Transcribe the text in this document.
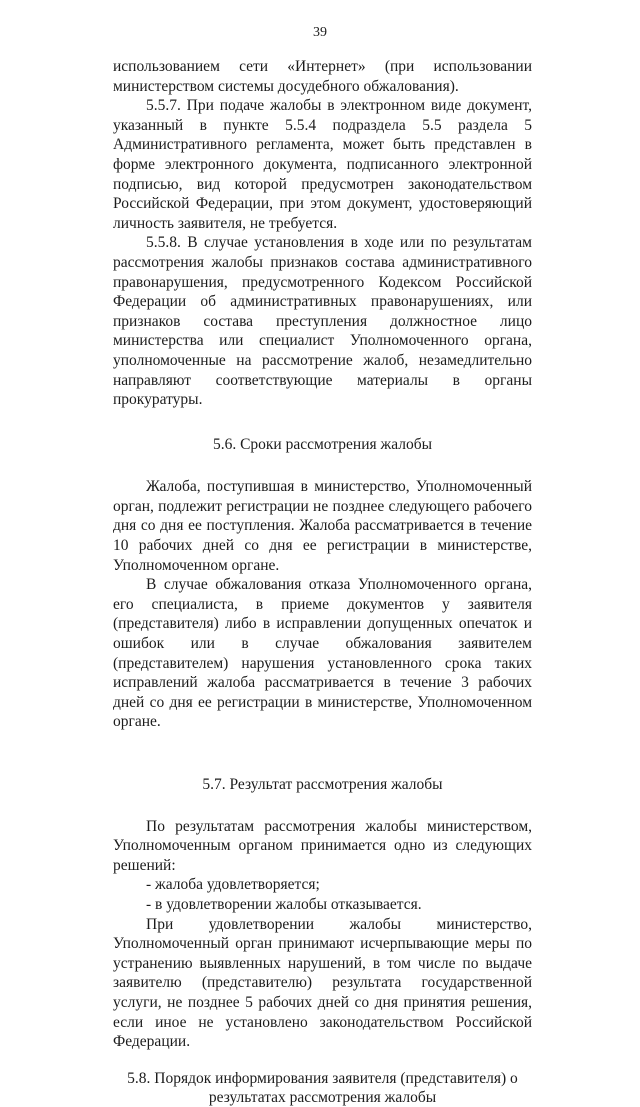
39

использованием сети «Интернет» (при использовании министерством системы досудебного обжалования).

5.5.7. При подаче жалобы в электронном виде документ, указанный в пункте 5.5.4 подраздела 5.5 раздела 5 Административного регламента, может быть представлен в форме электронного документа, подписанного электронной подписью, вид которой предусмотрен законодательством Российской Федерации, при этом документ, удостоверяющий личность заявителя, не требуется.

5.5.8. В случае установления в ходе или по результатам рассмотрения жалобы признаков состава административного правонарушения, предусмотренного Кодексом Российской Федерации об административных правонарушениях, или признаков состава преступления должностное лицо министерства или специалист Уполномоченного органа, уполномоченные на рассмотрение жалоб, незамедлительно направляют соответствующие материалы в органы прокуратуры.

5.6. Сроки рассмотрения жалобы

Жалоба, поступившая в министерство, Уполномоченный орган, подлежит регистрации не позднее следующего рабочего дня со дня ее поступления. Жалоба рассматривается в течение 10 рабочих дней со дня ее регистрации в министерстве, Уполномоченном органе.

В случае обжалования отказа Уполномоченного органа, его специалиста, в приеме документов у заявителя (представителя) либо в исправлении допущенных опечаток и ошибок или в случае обжалования заявителем (представителем) нарушения установленного срока таких исправлений жалоба рассматривается в течение 3 рабочих дней со дня ее регистрации в министерстве, Уполномоченном органе.

5.7. Результат рассмотрения жалобы

По результатам рассмотрения жалобы министерством, Уполномоченным органом принимается одно из следующих решений:

- жалоба удовлетворяется;

- в удовлетворении жалобы отказывается.

При удовлетворении жалобы министерство, Уполномоченный орган принимают исчерпывающие меры по устранению выявленных нарушений, в том числе по выдаче заявителю (представителю) результата государственной услуги, не позднее 5 рабочих дней со дня принятия решения, если иное не установлено законодательством Российской Федерации.

5.8. Порядок информирования заявителя (представителя) о результатах рассмотрения жалобы
